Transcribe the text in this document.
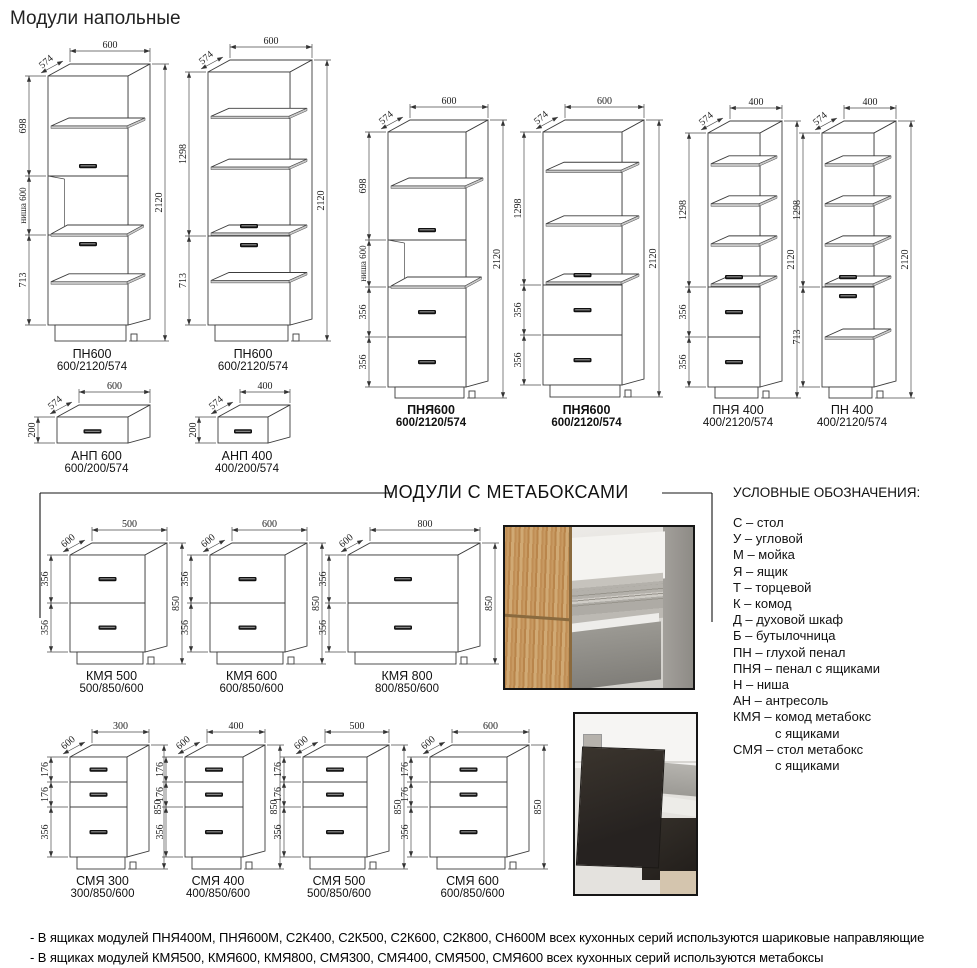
Модули напольные
600
574
2120
698
ниша 600
713
600
574
2120
1298
713
600
574
2120
698
ниша 600
356
356
600
574
2120
1298
356
356
400
574
2120
1298
356
356
400
574
2120
1298
713
600
574
200
400
574
200
500
600
850
356
356
600
600
850
356
356
800
600
850
356
356
300
600
850
176
176
356
400
600
850
176
176
356
500
600
850
176
176
356
600
600
850
176
176
356
МОДУЛИ С МЕТАБОКСАМИ	УСЛОВНЫЕ ОБОЗНАЧЕНИЯ:
С – стол
У – угловой
М – мойка
Я – ящик
Т – торцевой
К – комод
Д – духовой шкаф
Б – бутылочница
ПН – глухой пенал
ПНЯ – пенал с ящиками
Н – ниша
АН – антресоль
КМЯ – комод метабокс
с ящиками
СМЯ – стол метабокс
с ящиками
ПН600
600/2120/574
ПН600
600/2120/574
ПНЯ600
600/2120/574
ПНЯ600
600/2120/574
ПНЯ 400
400/2120/574
ПН 400
400/2120/574
АНП 600
600/200/574
АНП 400
400/200/574
КМЯ 500
500/850/600
КМЯ 600
600/850/600
КМЯ 800
800/850/600
СМЯ 300
300/850/600
СМЯ 400
400/850/600
СМЯ 500
500/850/600
СМЯ 600
600/850/600
- В ящиках модулей ПНЯ400М, ПНЯ600М, С2К400, С2К500, С2К600, С2К800, СН600М всех кухонных серий используются шариковые направляющие
- В ящиках модулей КМЯ500, КМЯ600, КМЯ800, СМЯ300, СМЯ400, СМЯ500, СМЯ600 всех кухонных серий используются метабоксы
